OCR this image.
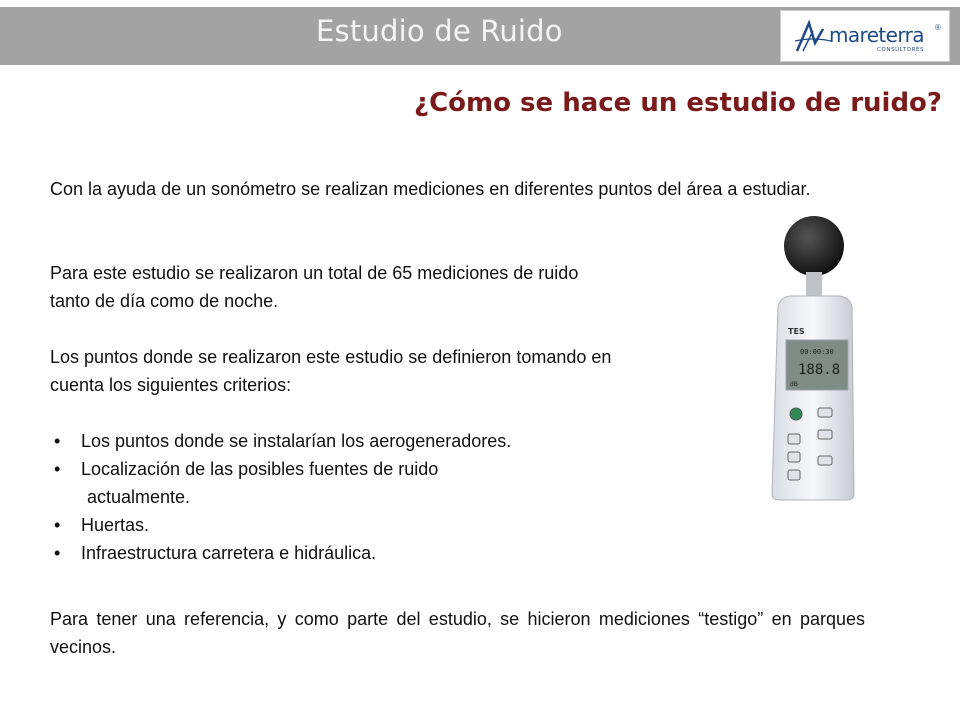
Estudio de Ruido	mareterra ®
CONSULTORES
¿Cómo se hace un estudio de ruido?
Con la ayuda de un sonómetro se realizan mediciones en diferentes puntos del área a estudiar.
Para este estudio se realizaron un total de 65 mediciones de ruido tanto de día como de noche.
Los puntos donde se realizaron este estudio se definieron tomando en cuenta los siguientes criterios:
• Los puntos donde se instalarían los aerogeneradores.
• Localización de las posibles fuentes de ruido
actualmente.
• Huertas.
• Infraestructura carretera e hidráulica.
Para tener una referencia, y como parte del estudio, se hicieron mediciones “testigo” en parques vecinos.
TES
00:00:30
188.8
dB
